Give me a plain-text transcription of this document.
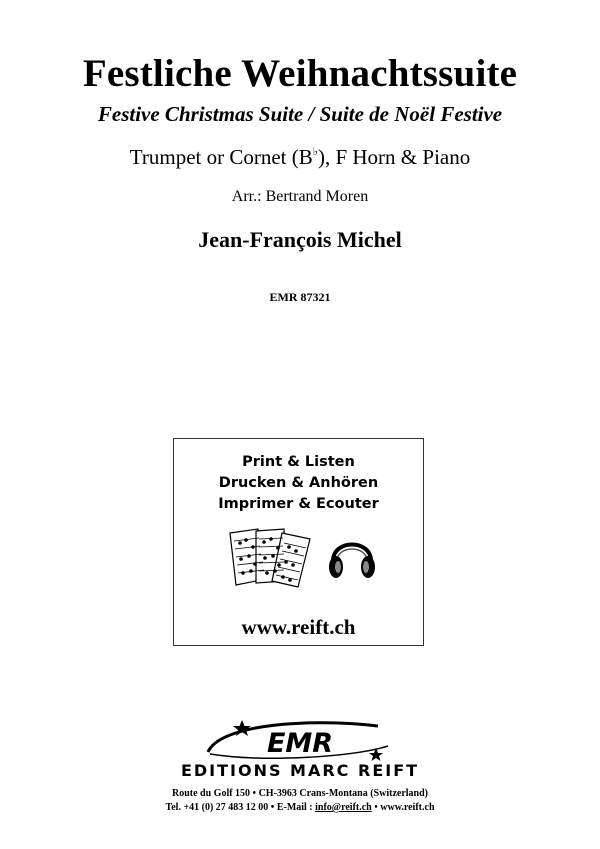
Festliche Weihnachtssuite
Festive Christmas Suite / Suite de Noël Festive
Trumpet or Cornet (B♭), F Horn & Piano
Arr.: Bertrand Moren
Jean-François Michel
EMR 87321
Print & Listen
Drucken & Anhören
Imprimer & Ecouter
www.reift.ch
EMR
EDITIONS MARC REIFT
Route du Golf 150 • CH-3963 Crans-Montana (Switzerland)
Tel. +41 (0) 27 483 12 00 • E-Mail : info@reift.ch • www.reift.ch
